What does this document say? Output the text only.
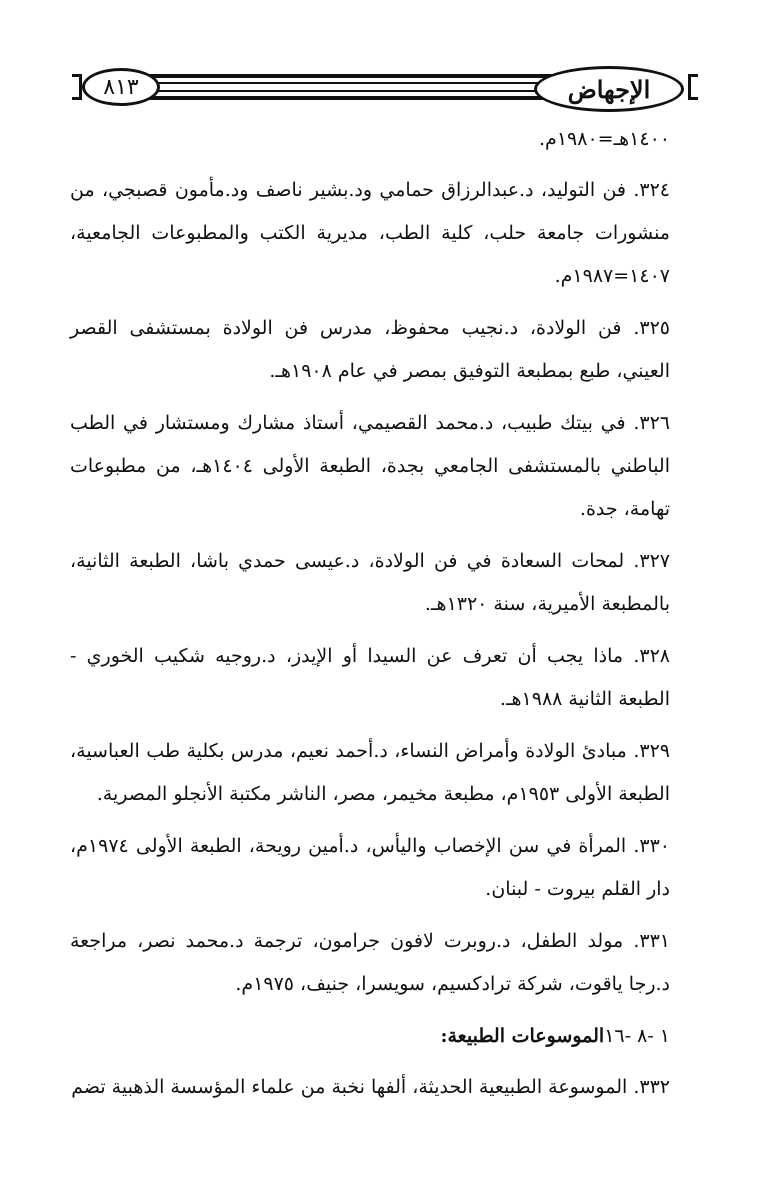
٨١٣	الإجهاض

١٤٠٠هـ=١٩٨٠م.

٣٢٤. فن التوليد، د.عبدالرزاق حمامي ود.بشير ناصف ود.مأمون قصبجي، من منشورات جامعة حلب، كلية الطب، مديرية الكتب والمطبوعات الجامعية، ١٤٠٧=١٩٨٧م.

٣٢٥. فن الولادة، د.نجيب محفوظ، مدرس فن الولادة بمستشفى القصر العيني، طبع بمطبعة التوفيق بمصر في عام ١٩٠٨هـ.

٣٢٦. في بيتك طبيب، د.محمد القصيمي، أستاذ مشارك ومستشار في الطب الباطني بالمستشفى الجامعي بجدة، الطبعة الأولى ١٤٠٤هـ، من مطبوعات تهامة، جدة.

٣٢٧. لمحات السعادة في فن الولادة، د.عيسى حمدي باشا، الطبعة الثانية، بالمطبعة الأميرية، سنة ١٣٢٠هـ.

٣٢٨. ماذا يجب أن تعرف عن السيدا أو الإيدز، د.روجيه شكيب الخوري - الطبعة الثانية ١٩٨٨هـ.

٣٢٩. مبادئ الولادة وأمراض النساء، د.أحمد نعيم، مدرس بكلية طب العباسية، الطبعة الأولى ١٩٥٣م، مطبعة مخيمر، مصر، الناشر مكتبة الأنجلو المصرية.

٣٣٠. المرأة في سن الإخصاب واليأس، د.أمين رويحة، الطبعة الأولى ١٩٧٤م، دار القلم بيروت - لبنان.

٣٣١. مولد الطفل، د.روبرت لافون جرامون، ترجمة د.محمد نصر، مراجعة د.رجا ياقوت، شركة ترادكسيم، سويسرا، جنيف، ١٩٧٥م.

١ -٨ -١٦الموسوعات الطبيعة:

٣٣٢. الموسوعة الطبيعية الحديثة، ألفها نخبة من علماء المؤسسة الذهبية تضم
